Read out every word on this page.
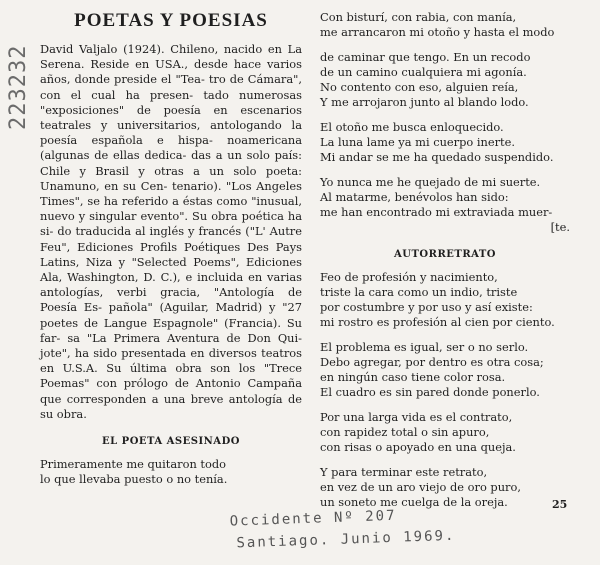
223232
POETAS Y POESIAS

David Valjalo (1924). Chileno, nacido en La Serena. Reside en USA., desde hace varios años, donde preside el "Tea- tro de Cámara", con el cual ha presen- tado numerosas "exposiciones" de poesía en escenarios teatrales y universitarios, antologando la poesía española e hispa- noamericana (algunas de ellas dedica- das a un solo país: Chile y Brasil y otras a un solo poeta: Unamuno, en su Cen- tenario). "Los Angeles Times", se ha referido a éstas como "inusual, nuevo y singular evento". Su obra poética ha si- do traducida al inglés y francés ("L' Autre Feu", Ediciones Profils Poétiques Des Pays Latins, Niza y "Selected Poems", Ediciones Ala, Washington, D. C.), e incluida en varias antologías, verbi gracia, "Antología de Poesía Es- pañola" (Aguilar, Madrid) y "27 poetes de Langue Espagnole" (Francia). Su far- sa "La Primera Aventura de Don Qui- jote", ha sido presentada en diversos teatros en U.S.A. Su última obra son los "Trece Poemas" con prólogo de Antonio Campaña que corresponden a una breve antología de su obra.

EL POETA ASESINADO
Primeramente me quitaron todo
lo que llevaba puesto o no tenía.
Con bisturí, con rabia, con manía,
me arrancaron mi otoño y hasta el modo
de caminar que tengo. En un recodo
de un camino cualquiera mi agonía.
No contento con eso, alguien reía,
Y me arrojaron junto al blando lodo.
El otoño me busca enloquecido.
La luna lame ya mi cuerpo inerte.
Mi andar se me ha quedado suspendido.
Yo nunca me he quejado de mi suerte.
Al matarme, benévolos han sido:
me han encontrado mi extraviada muer-
[te.
AUTORRETRATO
Feo de profesión y nacimiento,
triste la cara como un indio, triste
por costumbre y por uso y así existe:
mi rostro es profesión al cien por ciento.
El problema es igual, ser o no serlo.
Debo agregar, por dentro es otra cosa;
en ningún caso tiene color rosa.
El cuadro es sin pared donde ponerlo.
Por una larga vida es el contrato,
con rapidez total o sin apuro,
con risas o apoyado en una queja.
Y para terminar este retrato,
en vez de un aro viejo de oro puro,
un soneto me cuelga de la oreja.	25
Occidente Nº 207
Santiago. Junio 1969.
